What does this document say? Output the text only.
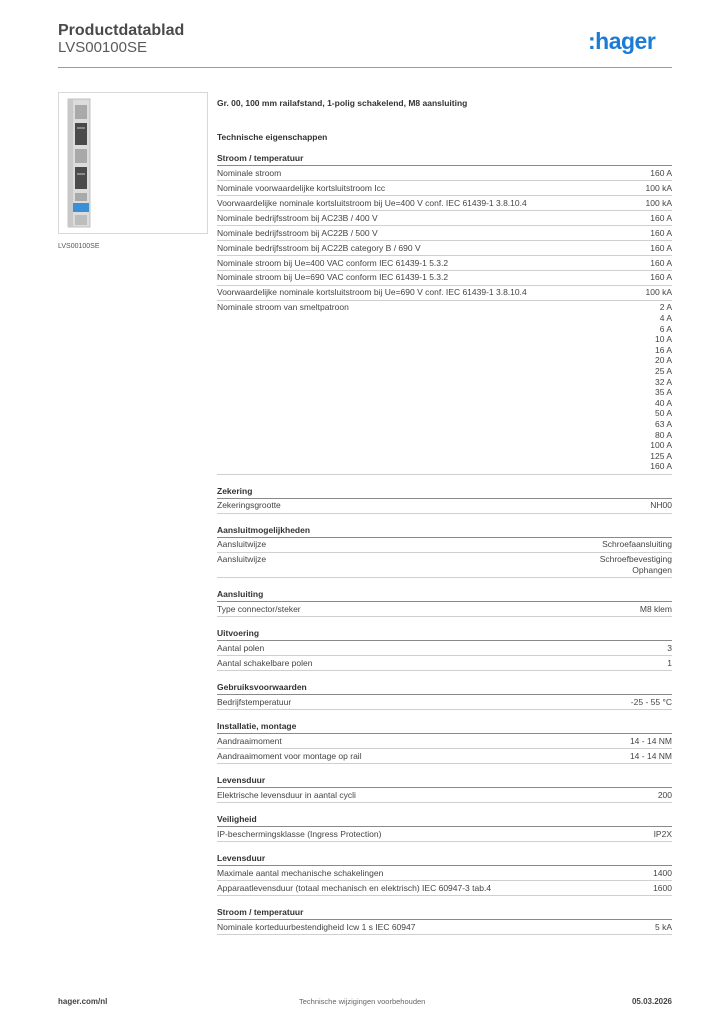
Productdatablad
LVS00100SE	:hager
LVS00100SE
Gr. 00, 100 mm railafstand, 1-polig schakelend, M8 aansluiting
Technische eigenschappen
Stroom / temperatuur
Nominale stroom	160 A
Nominale voorwaardelijke kortsluitstroom Icc	100 kA
Voorwaardelijke nominale kortsluitstroom bij Ue=400 V conf. IEC 61439-1 3.8.10.4	100 kA
Nominale bedrijfsstroom bij AC23B / 400 V	160 A
Nominale bedrijfsstroom bij AC22B / 500 V	160 A
Nominale bedrijfsstroom bij AC22B category B / 690 V	160 A
Nominale stroom bij Ue=400 VAC conform IEC 61439-1 5.3.2	160 A
Nominale stroom bij Ue=690 VAC conform IEC 61439-1 5.3.2	160 A
Voorwaardelijke nominale kortsluitstroom bij Ue=690 V conf. IEC 61439-1 3.8.10.4	100 kA
Nominale stroom van smeltpatroon	2 A
4 A
6 A
10 A
16 A
20 A
25 A
32 A
35 A
40 A
50 A
63 A
80 A
100 A
125 A
160 A
Zekering
Zekeringsgrootte	NH00
Aansluitmogelijkheden
Aansluitwijze	Schroefaansluiting
Aansluitwijze	Schroefbevestiging
Ophangen
Aansluiting
Type connector/steker	M8 klem
Uitvoering
Aantal polen	3
Aantal schakelbare polen	1
Gebruiksvoorwaarden
Bedrijfstemperatuur	-25 - 55 °C
Installatie, montage
Aandraaimoment	14 - 14 NM
Aandraaimoment voor montage op rail	14 - 14 NM
Levensduur
Elektrische levensduur in aantal cycli	200
Veiligheid
IP-beschermingsklasse (Ingress Protection)	IP2X
Levensduur
Maximale aantal mechanische schakelingen	1400
Apparaatlevensduur (totaal mechanisch en elektrisch) IEC 60947-3 tab.4	1600
Stroom / temperatuur
Nominale korteduurbestendigheid Icw 1 s IEC 60947	5 kA
hager.com/nl	Technische wijzigingen voorbehouden	05.03.2026
